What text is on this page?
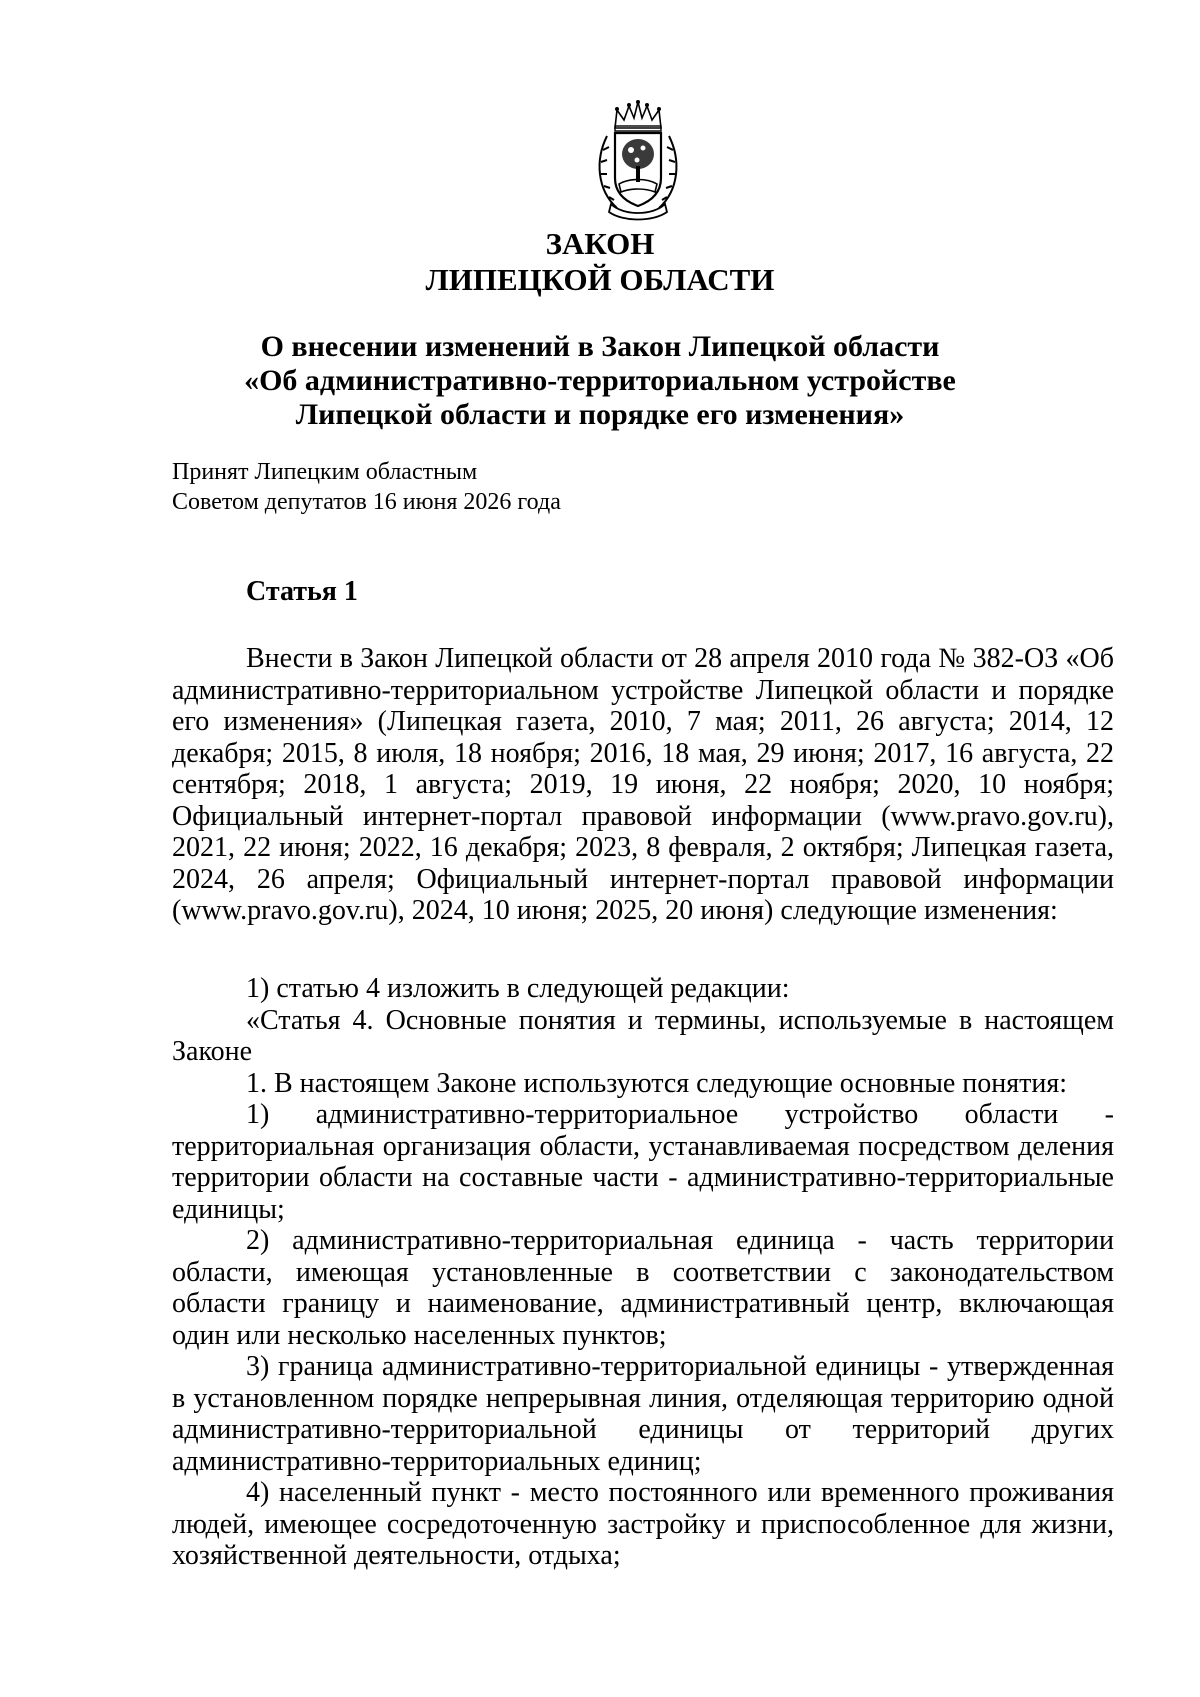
ЗАКОН
ЛИПЕЦКОЙ ОБЛАСТИ
О внесении изменений в Закон Липецкой области
«Об административно-территориальном устройстве
Липецкой области и порядке его изменения»
Принят Липецким областным
Советом депутатов 16 июня 2026 года
Статья 1

Внести в Закон Липецкой области от 28 апреля 2010 года № 382-ОЗ «Об административно-территориальном устройстве Липецкой области и порядке его изменения» (Липецкая газета, 2010, 7 мая; 2011, 26 августа; 2014, 12 декабря; 2015, 8 июля, 18 ноября; 2016, 18 мая, 29 июня; 2017, 16 августа, 22 сентября; 2018, 1 августа; 2019, 19 июня, 22 ноября; 2020, 10 ноября; Официальный интернет-портал правовой информации (www.pravo.gov.ru), 2021, 22 июня; 2022, 16 декабря; 2023, 8 февраля, 2 октября; Липецкая газета, 2024, 26 апреля; Официальный интернет-портал правовой информации (www.pravo.gov.ru), 2024, 10 июня; 2025, 20 июня) следующие изменения:

1) статью 4 изложить в следующей редакции:

«Статья 4. Основные понятия и термины, используемые в настоящем Законе

1. В настоящем Законе используются следующие основные понятия:

1) административно-территориальное устройство области - территориальная организация области, устанавливаемая посредством деления территории области на составные части - административно-территориальные единицы;

2) административно-территориальная единица - часть территории области, имеющая установленные в соответствии с законодательством области границу и наименование, административный центр, включающая один или несколько населенных пунктов;

3) граница административно-территориальной единицы - утвержденная в установленном порядке непрерывная линия, отделяющая территорию одной административно-территориальной единицы от территорий других административно-территориальных единиц;

4) населенный пункт - место постоянного или временного проживания людей, имеющее сосредоточенную застройку и приспособленное для жизни, хозяйственной деятельности, отдыха;
